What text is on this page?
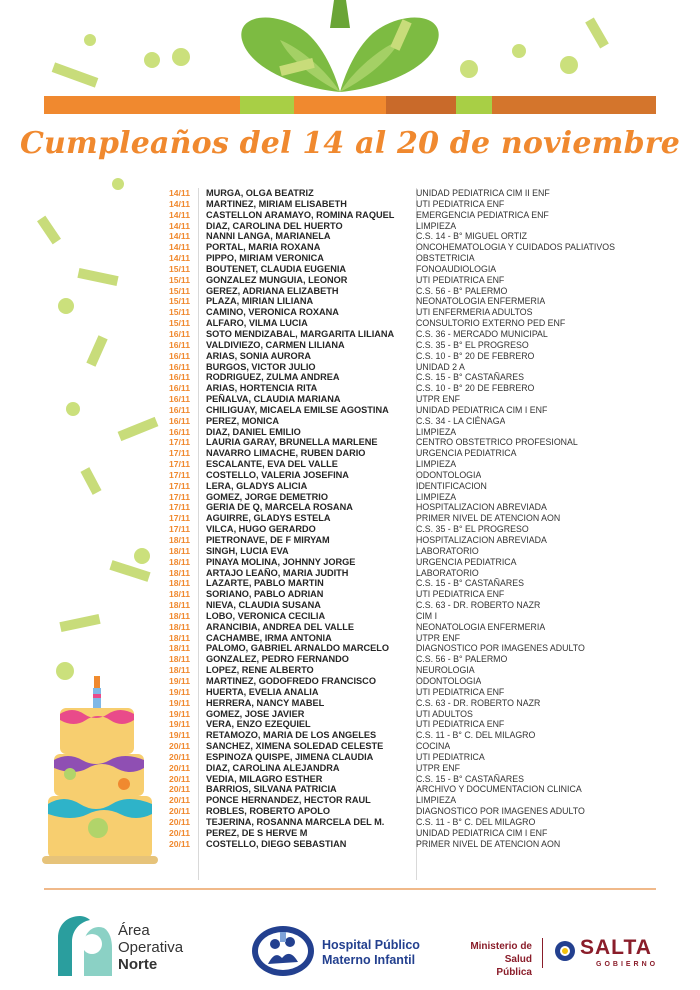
Cumpleaños del 14 al 20 de noviembre
14/11	MURGA, OLGA BEATRIZ	UNIDAD PEDIATRICA CIM II ENF
14/11	MARTINEZ, MIRIAM ELISABETH	UTI PEDIATRICA ENF
14/11	CASTELLON ARAMAYO, ROMINA RAQUEL	EMERGENCIA PEDIATRICA ENF
14/11	DIAZ, CAROLINA DEL HUERTO	LIMPIEZA
14/11	NANNI LANGA, MARIANELA	C.S. 14 - B° MIGUEL ORTIZ
14/11	PORTAL, MARIA ROXANA	ONCOHEMATOLOGIA Y CUIDADOS PALIATIVOS
14/11	PIPPO, MIRIAM VERONICA	OBSTETRICIA
15/11	BOUTENET, CLAUDIA EUGENIA	FONOAUDIOLOGIA
15/11	GONZALEZ MUNGUIA, LEONOR	UTI PEDIATRICA ENF
15/11	GEREZ, ADRIANA ELIZABETH	C.S. 56 - B° PALERMO
15/11	PLAZA, MIRIAN LILIANA	NEONATOLOGIA ENFERMERIA
15/11	CAMINO, VERONICA ROXANA	UTI ENFERMERIA ADULTOS
15/11	ALFARO, VILMA LUCIA	CONSULTORIO EXTERNO PED ENF
16/11	SOTO MENDIZABAL, MARGARITA LILIANA	C.S. 36 - MERCADO MUNICIPAL
16/11	VALDIVIEZO, CARMEN LILIANA	C.S. 35 - B° EL PROGRESO
16/11	ARIAS, SONIA AURORA	C.S. 10 - B° 20 DE FEBRERO
16/11	BURGOS, VICTOR JULIO	UNIDAD 2 A
16/11	RODRIGUEZ, ZULMA ANDREA	C.S. 15 - B° CASTAÑARES
16/11	ARIAS, HORTENCIA RITA	C.S. 10 - B° 20 DE FEBRERO
16/11	PEÑALVA, CLAUDIA MARIANA	UTPR ENF
16/11	CHILIGUAY, MICAELA EMILSE AGOSTINA	UNIDAD PEDIATRICA CIM I ENF
16/11	PEREZ, MONICA	C.S. 34 - LA CIÉNAGA
16/11	DIAZ, DANIEL EMILIO	LIMPIEZA
17/11	LAURIA GARAY, BRUNELLA MARLENE	CENTRO OBSTETRICO PROFESIONAL
17/11	NAVARRO LIMACHE, RUBEN DARIO	URGENCIA PEDIATRICA
17/11	ESCALANTE, EVA DEL VALLE	LIMPIEZA
17/11	COSTELLO, VALERIA JOSEFINA	ODONTOLOGIA
17/11	LERA, GLADYS ALICIA	IDENTIFICACION
17/11	GOMEZ, JORGE DEMETRIO	LIMPIEZA
17/11	GERIA DE Q, MARCELA ROSANA	HOSPITALIZACION ABREVIADA
17/11	AGUIRRE, GLADYS ESTELA	PRIMER NIVEL DE ATENCION AON
17/11	VILCA, HUGO GERARDO	C.S. 35 - B° EL PROGRESO
18/11	PIETRONAVE, DE F MIRYAM	HOSPITALIZACION ABREVIADA
18/11	SINGH, LUCIA EVA	LABORATORIO
18/11	PINAYA MOLINA, JOHNNY JORGE	URGENCIA PEDIATRICA
18/11	ARTAJO LEAÑO, MARIA JUDITH	LABORATORIO
18/11	LAZARTE, PABLO MARTIN	C.S. 15 - B° CASTAÑARES
18/11	SORIANO, PABLO ADRIAN	UTI PEDIATRICA ENF
18/11	NIEVA, CLAUDIA SUSANA	C.S. 63 - DR. ROBERTO NAZR
18/11	LOBO, VERONICA CECILIA	CIM I
18/11	ARANCIBIA, ANDREA DEL VALLE	NEONATOLOGIA ENFERMERIA
18/11	CACHAMBE, IRMA ANTONIA	UTPR ENF
18/11	PALOMO, GABRIEL ARNALDO MARCELO	DIAGNOSTICO POR IMAGENES ADULTO
18/11	GONZALEZ, PEDRO FERNANDO	C.S. 56 - B° PALERMO
18/11	LOPEZ, RENE ALBERTO	NEUROLOGIA
19/11	MARTINEZ, GODOFREDO FRANCISCO	ODONTOLOGIA
19/11	HUERTA, EVELIA ANALIA	UTI PEDIATRICA ENF
19/11	HERRERA, NANCY MABEL	C.S. 63 - DR. ROBERTO NAZR
19/11	GOMEZ, JOSE JAVIER	UTI ADULTOS
19/11	VERA, ENZO EZEQUIEL	UTI PEDIATRICA ENF
19/11	RETAMOZO, MARIA DE LOS ANGELES	C.S. 11 - B° C. DEL MILAGRO
20/11	SANCHEZ, XIMENA SOLEDAD CELESTE	COCINA
20/11	ESPINOZA QUISPE, JIMENA CLAUDIA	UTI PEDIATRICA
20/11	DIAZ, CAROLINA ALEJANDRA	UTPR ENF
20/11	VEDIA, MILAGRO ESTHER	C.S. 15 - B° CASTAÑARES
20/11	BARRIOS, SILVANA PATRICIA	ARCHIVO Y DOCUMENTACION CLINICA
20/11	PONCE HERNANDEZ, HECTOR RAUL	LIMPIEZA
20/11	ROBLES, ROBERTO APOLO	DIAGNOSTICO POR IMAGENES ADULTO
20/11	TEJERINA, ROSANNA MARCELA DEL M.	C.S. 11 - B° C. DEL MILAGRO
20/11	PEREZ, DE S HERVE M	UNIDAD PEDIATRICA CIM I ENF
20/11	COSTELLO, DIEGO SEBASTIAN	PRIMER NIVEL DE ATENCION AON
Área
Operativa
Norte
Hospital Público
Materno Infantil
Ministerio de
Salud Pública
SALTA
GOBIERNO
